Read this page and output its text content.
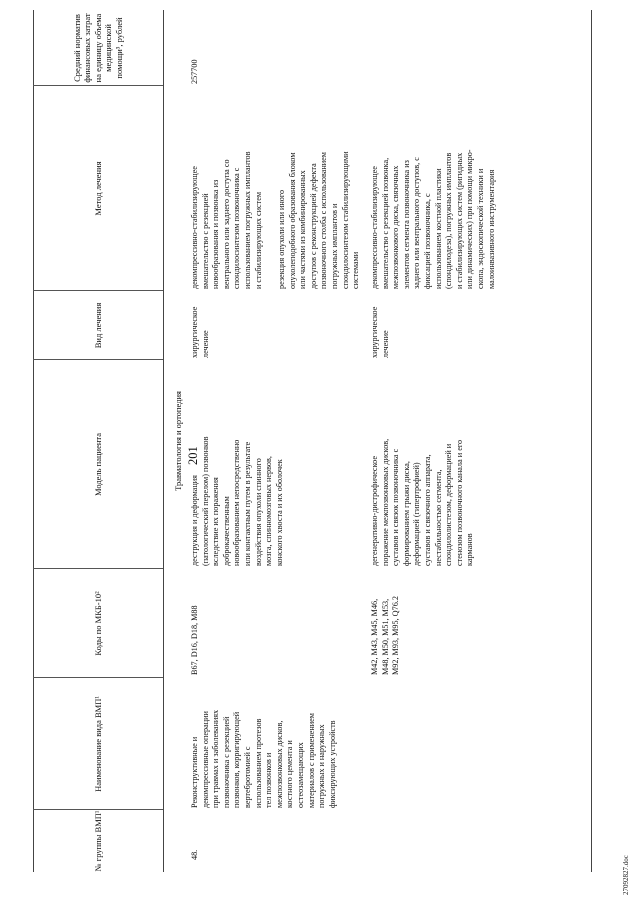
201
27092827.doc
№ группы ВМП¹
Наименование вида ВМП¹
Коды по МКБ-10²
Модель пациента
Вид лечения
Метод лечения
Средний норматив финансовых затрат на единицу объема медицинской помощи³, рублей
Травматология и ортопедия
48.
Реконструктивные и
декомпрессивные операции
при травмах и заболеваниях
позвоночника с резекцией
позвонков, корригирующей
вертебротомией с
использованием протезов
тел позвонков и
межпозвонковых дисков,
костного цемента и
остеозамещающих
материалов с применением
погружных и наружных
фиксирующих устройств
257700
B67, D16, D18, M88
деструкция и деформация
(патологический перелом) позвонков
вследствие их поражения
доброкачественным
новообразованием непосредственно
или контактным путем в результате
воздействия опухоли спинного
мозга, спинномозговых нервов,
конского хвоста и их оболочек
хирургическое
лечение
декомпрессивно-стабилизирующее
вмешательство с резекцией
новообразования и позвонка из
вентрального или заднего доступа со
спондилосинтезом позвоночника с
использованием погружных имплантов
и стабилизирующих систем
резекция опухоли или иного
опухолеподобного образования блоком
или частями из комбинированных
доступов с реконструкцией дефекта
позвоночного столба с использованием
погружных имплантов и
спондилосинтезом стабилизирующими
системами
M42, M43, M45, M46,
M48, M50, M51, M53,
M92, M93, M95, Q76.2
дегенеративно-дистрофическое
поражение межпозвонковых дисков,
суставов и связок позвоночника с
формированием грыжи диска,
деформацией (гипертрофией)
суставов и связочного аппарата,
нестабильностью сегмента,
спондилолистезом, деформацией и
стенозом позвоночного канала и его
карманов
хирургическое
лечение
декомпрессивно-стабилизирующее
вмешательство с резекцией позвонка,
межпозвонкового диска, связочных
элементов сегмента позвоночника из
заднего или вентрального доступов, с
фиксацией позвоночника, с
использованием костной пластики
(спондилодеза), погружных имплантов
и стабилизирующих систем (ригидных
или динамических) при помощи микро-
скопа, эндоскопической техники и
малоинвазивного инструментария
